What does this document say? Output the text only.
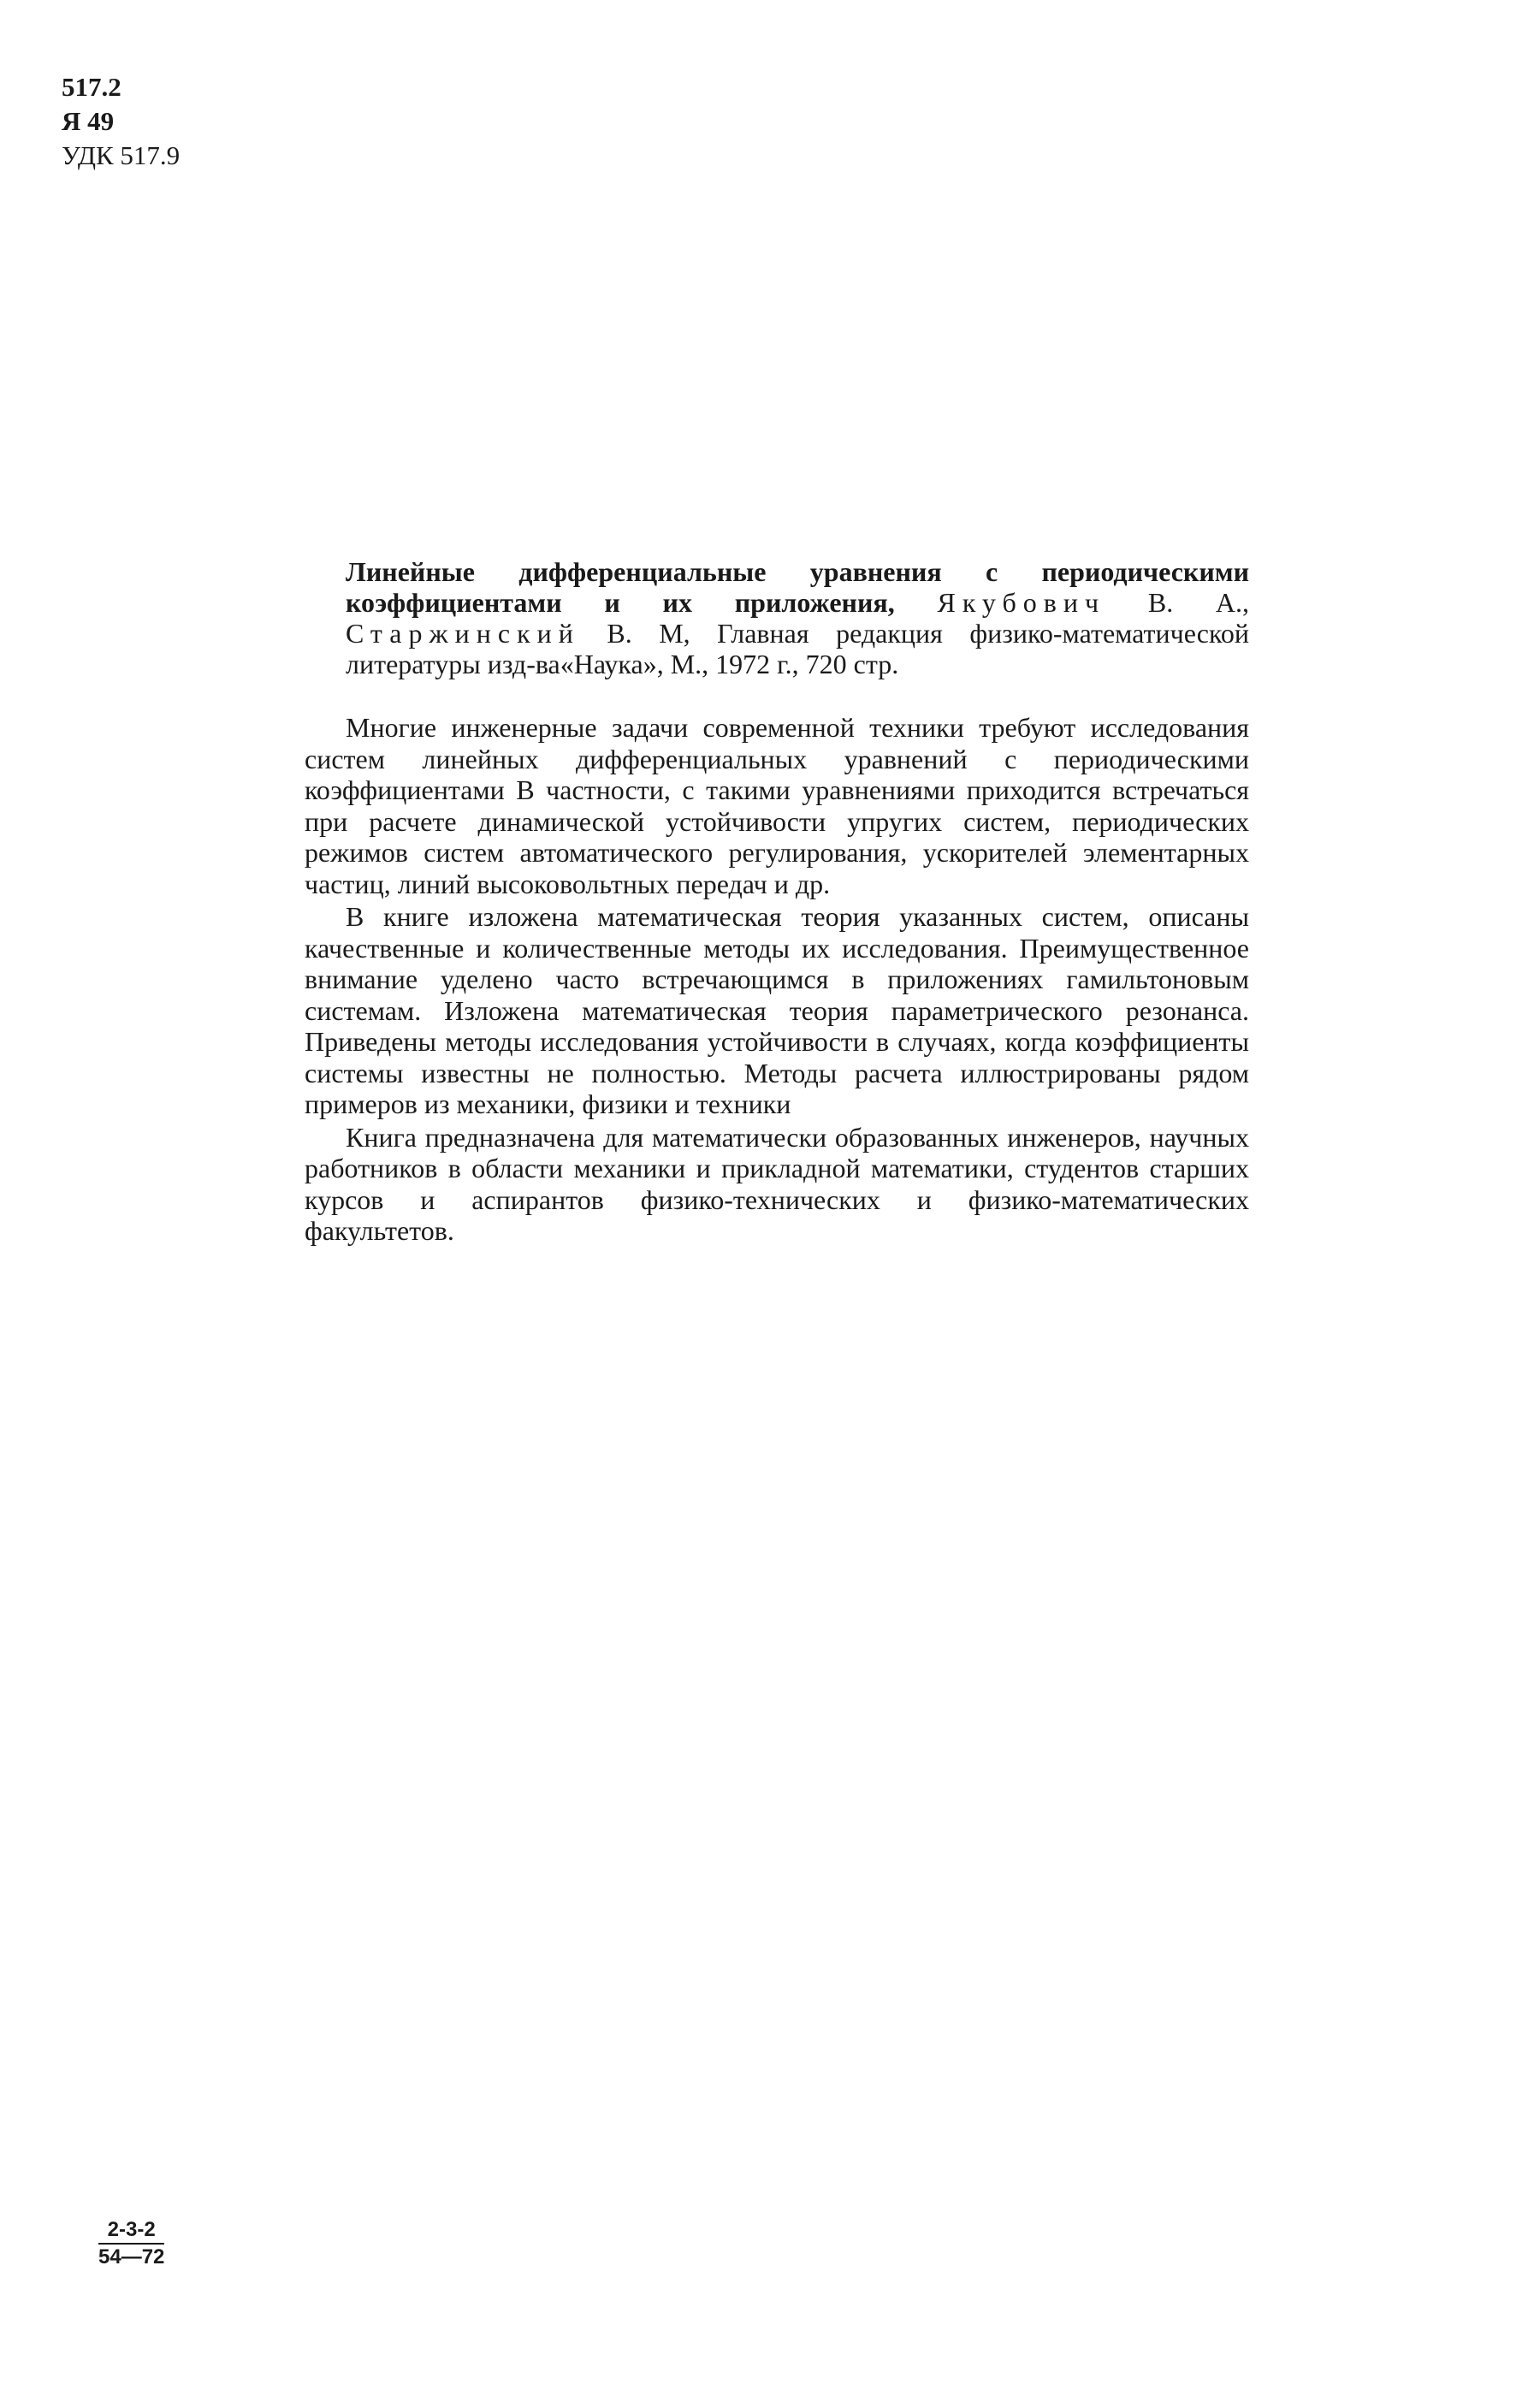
517.2
Я 49
УДК 517.9
Линейные дифференциальные уравнения с периодическими коэффициентами и их приложения, Якубович В. А., Старжинский В. М, Главная редакция физико-математической литературы изд-ва«Наука», М., 1972 г., 720 стр.

Многие инженерные задачи современной техники требуют исследования систем линейных дифференциальных уравнений с периодическими коэффициентами В частности, с такими уравнениями приходится встречаться при расчете динамической устойчивости упругих систем, периодических режимов систем автоматического регулирования, ускорителей элементарных частиц, линий высоковольтных передач и др.

В книге изложена математическая теория указанных систем, описаны качественные и количественные методы их исследования. Преимущественное внимание уделено часто встречающимся в приложениях гамильтоновым системам. Изложена математическая теория параметрического резонанса. Приведены методы исследования устойчивости в случаях, когда коэффициенты системы известны не полностью. Методы расчета иллюстрированы рядом примеров из механики, физики и техники

Книга предназначена для математически образованных инженеров, научных работников в области механики и прикладной математики, студентов старших курсов и аспирантов физико-технических и физико-математических факультетов.

$\frac{2-3-2}{54—72}$
